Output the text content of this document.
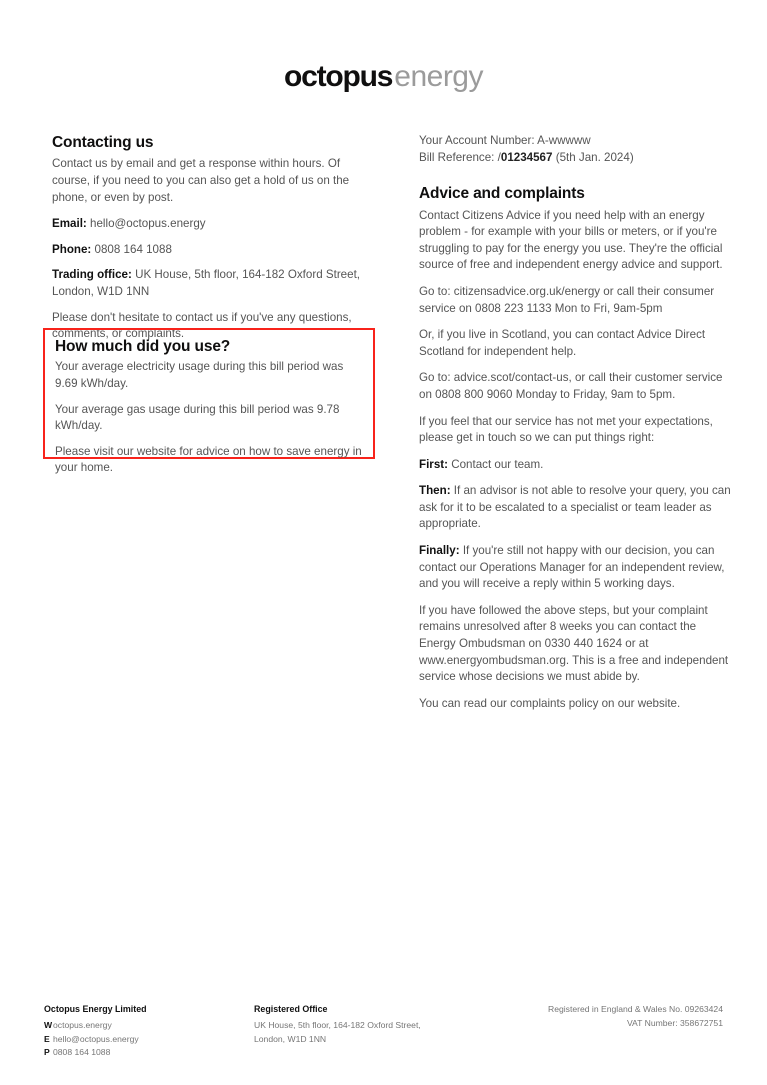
octopusenergy
Contacting us

Contact us by email and get a response within hours. Of course, if you need to you can also get a hold of us on the phone, or even by post.

Email: hello@octopus.energy

Phone: 0808 164 1088

Trading office: UK House, 5th floor, 164-182 Oxford Street, London, W1D 1NN

Please don't hesitate to contact us if you've any questions, comments, or complaints.

How much did you use?

Your average electricity usage during this bill period was 9.69 kWh/day.

Your average gas usage during this bill period was 9.78 kWh/day.

Please visit our website for advice on how to save energy in your home.

Your Account Number: A-wwwww

Bill Reference: /01234567 (5th Jan. 2024)

Advice and complaints

Contact Citizens Advice if you need help with an energy problem - for example with your bills or meters, or if you're struggling to pay for the energy you use. They're the official source of free and independent energy advice and support.

Go to: citizensadvice.org.uk/energy or call their consumer service on 0808 223 1133 Mon to Fri, 9am-5pm

Or, if you live in Scotland, you can contact Advice Direct Scotland for independent help.

Go to: advice.scot/contact-us, or call their customer service on 0808 800 9060 Monday to Friday, 9am to 5pm.

If you feel that our service has not met your expectations, please get in touch so we can put things right:

First: Contact our team.

Then: If an advisor is not able to resolve your query, you can ask for it to be escalated to a specialist or team leader as appropriate.

Finally: If you're still not happy with our decision, you can contact our Operations Manager for an independent review, and you will receive a reply within 5 working days.

If you have followed the above steps, but your complaint remains unresolved after 8 weeks you can contact the Energy Ombudsman on 0330 440 1624 or at www.energyombudsman.org. This is a free and independent service whose decisions we must abide by.

You can read our complaints policy on our website.

Octopus Energy Limited
Woctopus.energy
E hello@octopus.energy
P 0808 164 1088
Registered Office
UK House, 5th floor, 164-182 Oxford Street,
London, W1D 1NN
Registered in England & Wales No. 09263424
VAT Number: 358672751
